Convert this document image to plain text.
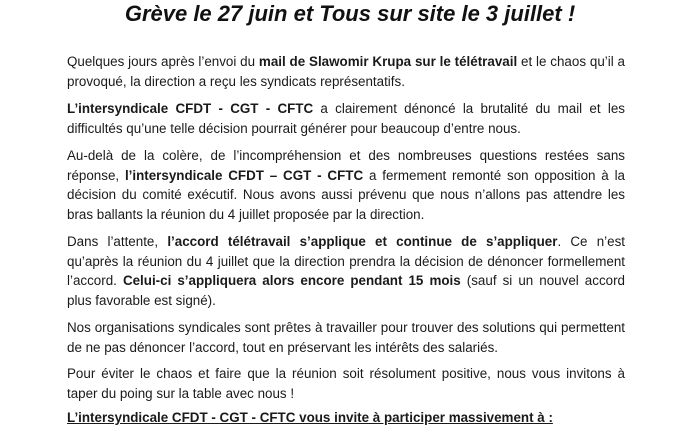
Grève le 27 juin et Tous sur site le 3 juillet !

Quelques jours après l’envoi du mail de Slawomir Krupa sur le télétravail et le chaos qu’il a provoqué, la direction a reçu les syndicats représentatifs.

L’intersyndicale CFDT - CGT - CFTC a clairement dénoncé la brutalité du mail et les difficultés qu’une telle décision pourrait générer pour beaucoup d’entre nous.

Au-delà de la colère, de l’incompréhension et des nombreuses questions restées sans réponse, l’intersyndicale CFDT – CGT - CFTC a fermement remonté son opposition à la décision du comité exécutif. Nous avons aussi prévenu que nous n’allons pas attendre les bras ballants la réunion du 4 juillet proposée par la direction.

Dans l’attente, l’accord télétravail s’applique et continue de s’appliquer. Ce n’est qu’après la réunion du 4 juillet que la direction prendra la décision de dénoncer formellement l’accord. Celui-ci s’appliquera alors encore pendant 15 mois (sauf si un nouvel accord plus favorable est signé).

Nos organisations syndicales sont prêtes à travailler pour trouver des solutions qui permettent de ne pas dénoncer l’accord, tout en préservant les intérêts des salariés.

Pour éviter le chaos et faire que la réunion soit résolument positive, nous vous invitons à taper du poing sur la table avec nous !

L’intersyndicale CFDT - CGT - CFTC vous invite à participer massivement à :
